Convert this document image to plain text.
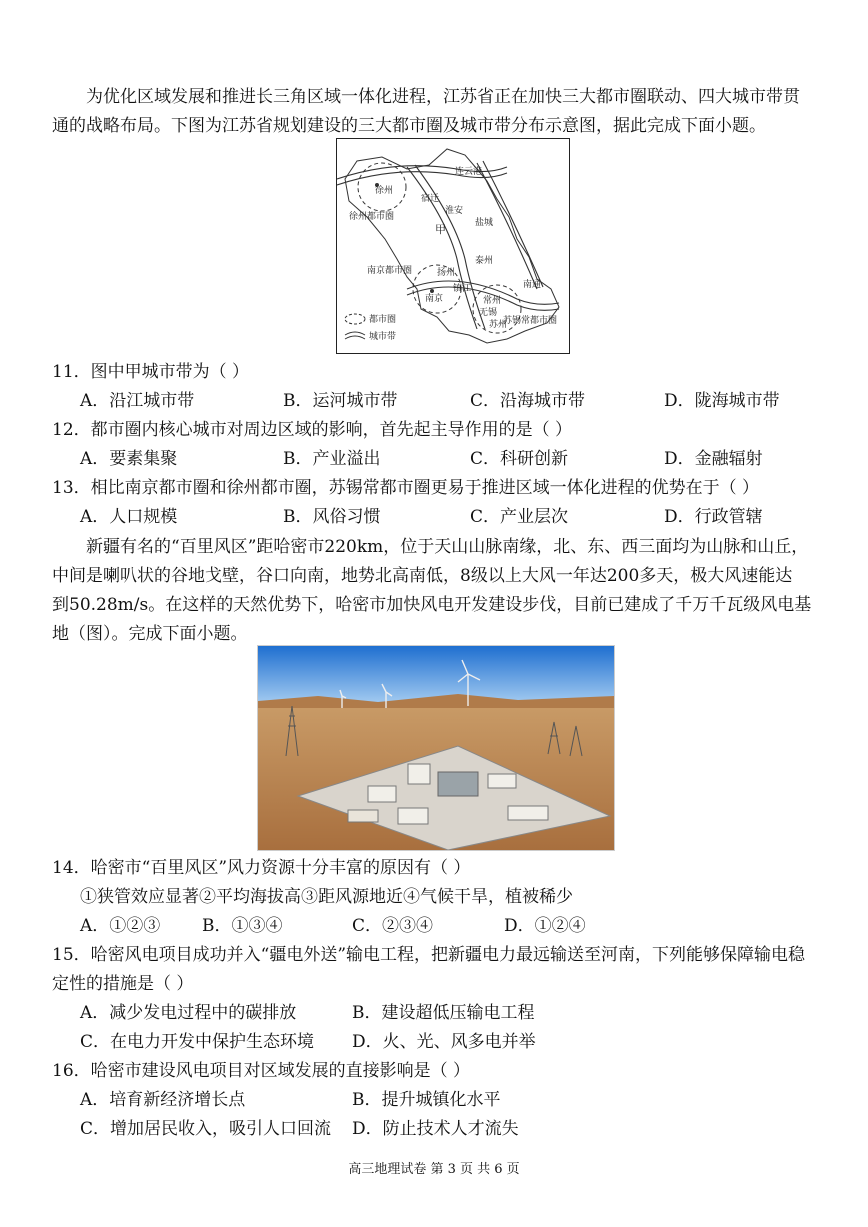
为优化区域发展和推进长三角区域一体化进程，江苏省正在加快三大都市圈联动、四大城市带贯
通的战略布局。下图为江苏省规划建设的三大都市圈及城市带分布示意图，据此完成下面小题。
连云港
徐州
宿迁
徐州都市圈
淮安
盐城
甲
泰州
南京都市圈	扬州
南通
镇江
南京	常州
无锡
苏锡常都市圈
苏州
都市圈
城市带
11．图中甲城市带为（ ）
A．沿江城市带	B．运河城市带	C．沿海城市带	D．陇海城市带
12．都市圈内核心城市对周边区域的影响，首先起主导作用的是（ ）
A．要素集聚	B．产业溢出	C．科研创新	D．金融辐射
13．相比南京都市圈和徐州都市圈，苏锡常都市圈更易于推进区域一体化进程的优势在于（ ）
A．人口规模	B．风俗习惯	C．产业层次	D．行政管辖
新疆有名的“百里风区”距哈密市220km，位于天山山脉南缘，北、东、西三面均为山脉和山丘，
中间是喇叭状的谷地戈壁，谷口向南，地势北高南低，8级以上大风一年达200多天，极大风速能达
到50.28m/s。在这样的天然优势下，哈密市加快风电开发建设步伐，目前已建成了千万千瓦级风电基
地（图）。完成下面小题。
14．哈密市“百里风区”风力资源十分丰富的原因有（ ）
①狭管效应显著②平均海拔高③距风源地近④气候干旱，植被稀少
A．①②③ B．①③④	C．②③④	D．①②④
15．哈密风电项目成功并入“疆电外送”输电工程，把新疆电力最远输送至河南，下列能够保障输电稳
定性的措施是（ ）
A．减少发电过程中的碳排放	B．建设超低压输电工程
C．在电力开发中保护生态环境 D．火、光、风多电并举
16．哈密市建设风电项目对区域发展的直接影响是（ ）
A．培育新经济增长点	B．提升城镇化水平
C．增加居民收入，吸引人口回流 D．防止技术人才流失
高三地理试卷 第 3 页 共 6 页
